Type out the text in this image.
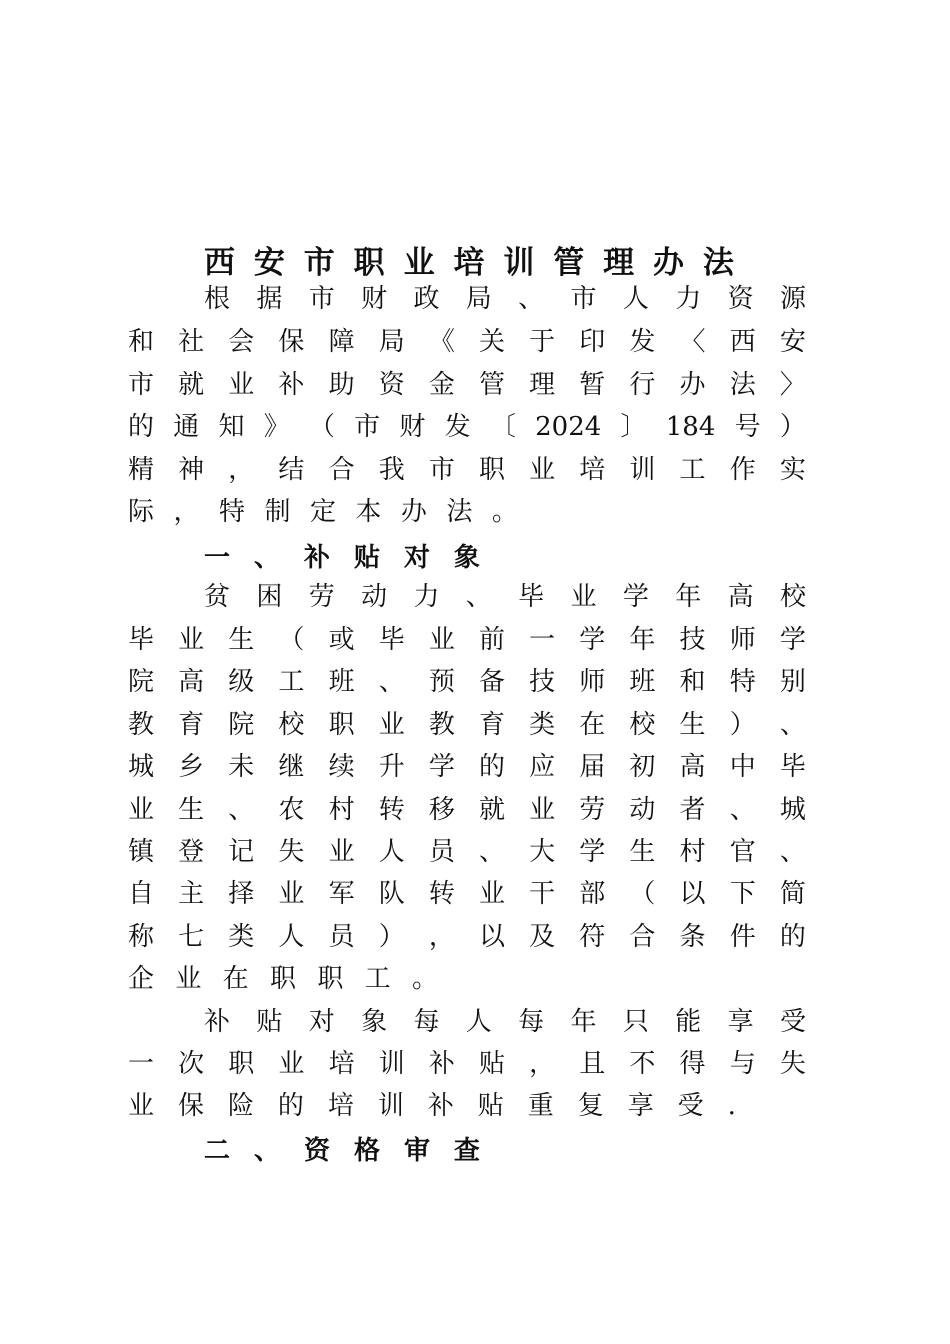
西 安 市 职 业 培 训 管 理 办 法
根 据 市 财 政 局 、 市 人 力 资 源
和 社 会 保 障 局 《 关 于 印 发 〈 西 安
市 就 业 补 助 资 金 管 理 暂 行 办 法 〉
的 通 知 》 （ 市 财 发 〔 2024 〕 184 号 ）
精 神 ， 结 合 我 市 职 业 培 训 工 作 实
际 ， 特 制 定 本 办 法 。
一 、 补 贴 对 象
贫 困 劳 动 力 、 毕 业 学 年 高 校
毕 业 生 （ 或 毕 业 前 一 学 年 技 师 学
院 高 级 工 班 、 预 备 技 师 班 和 特 别
教 育 院 校 职 业 教 育 类 在 校 生 ） 、
城 乡 未 继 续 升 学 的 应 届 初 高 中 毕
业 生 、 农 村 转 移 就 业 劳 动 者 、 城
镇 登 记 失 业 人 员 、 大 学 生 村 官 、
自 主 择 业 军 队 转 业 干 部 （ 以 下 简
称 七 类 人 员 ） ， 以 及 符 合 条 件 的
企 业 在 职 职 工 。
补 贴 对 象 每 人 每 年 只 能 享 受
一 次 职 业 培 训 补 贴 ， 且 不 得 与 失
业 保 险 的 培 训 补 贴 重 复 享 受 .
二 、 资 格 审 查
